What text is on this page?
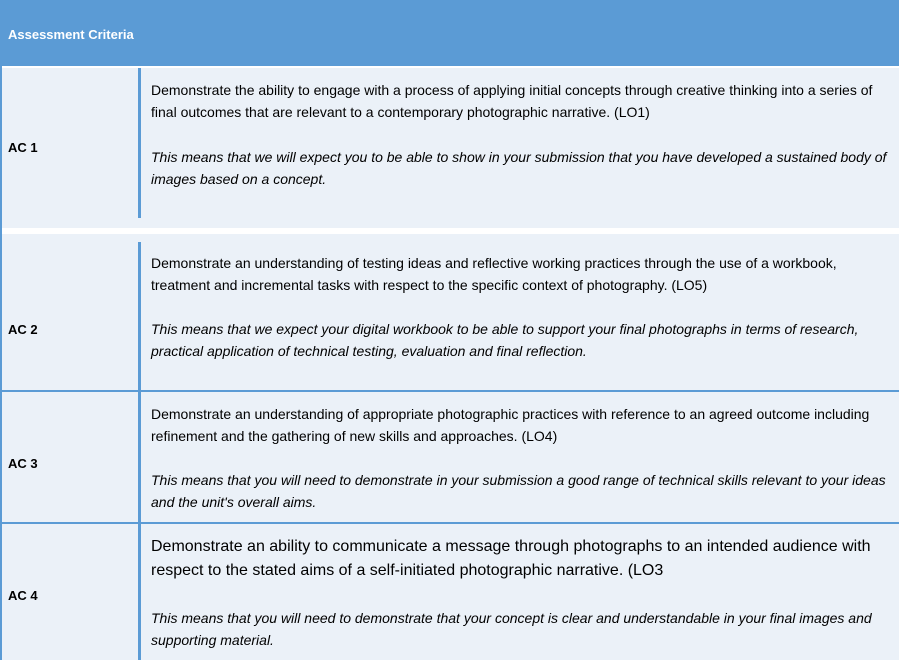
Assessment Criteria
AC 1
Demonstrate the ability to engage with a process of applying initial concepts through creative thinking into a series of final outcomes that are relevant to a contemporary photographic narrative. (LO1)
This means that we will expect you to be able to show in your submission that you have developed a sustained body of images based on a concept.
AC 2
Demonstrate an understanding of testing ideas and reflective working practices through the use of a workbook, treatment and incremental tasks with respect to the specific context of photography. (LO5)
This means that we expect your digital workbook to be able to support your final photographs in terms of research, practical application of technical testing, evaluation and final reflection.
AC 3
Demonstrate an understanding of appropriate photographic practices with reference to an agreed outcome including refinement and the gathering of new skills and approaches. (LO4)
This means that you will need to demonstrate in your submission a good range of technical skills relevant to your ideas and the unit's overall aims.
AC 4
Demonstrate an ability to communicate a message through photographs to an intended audience with respect to the stated aims of a self-initiated photographic narrative. (LO3
This means that you will need to demonstrate that your concept is clear and understandable in your final images and supporting material.
